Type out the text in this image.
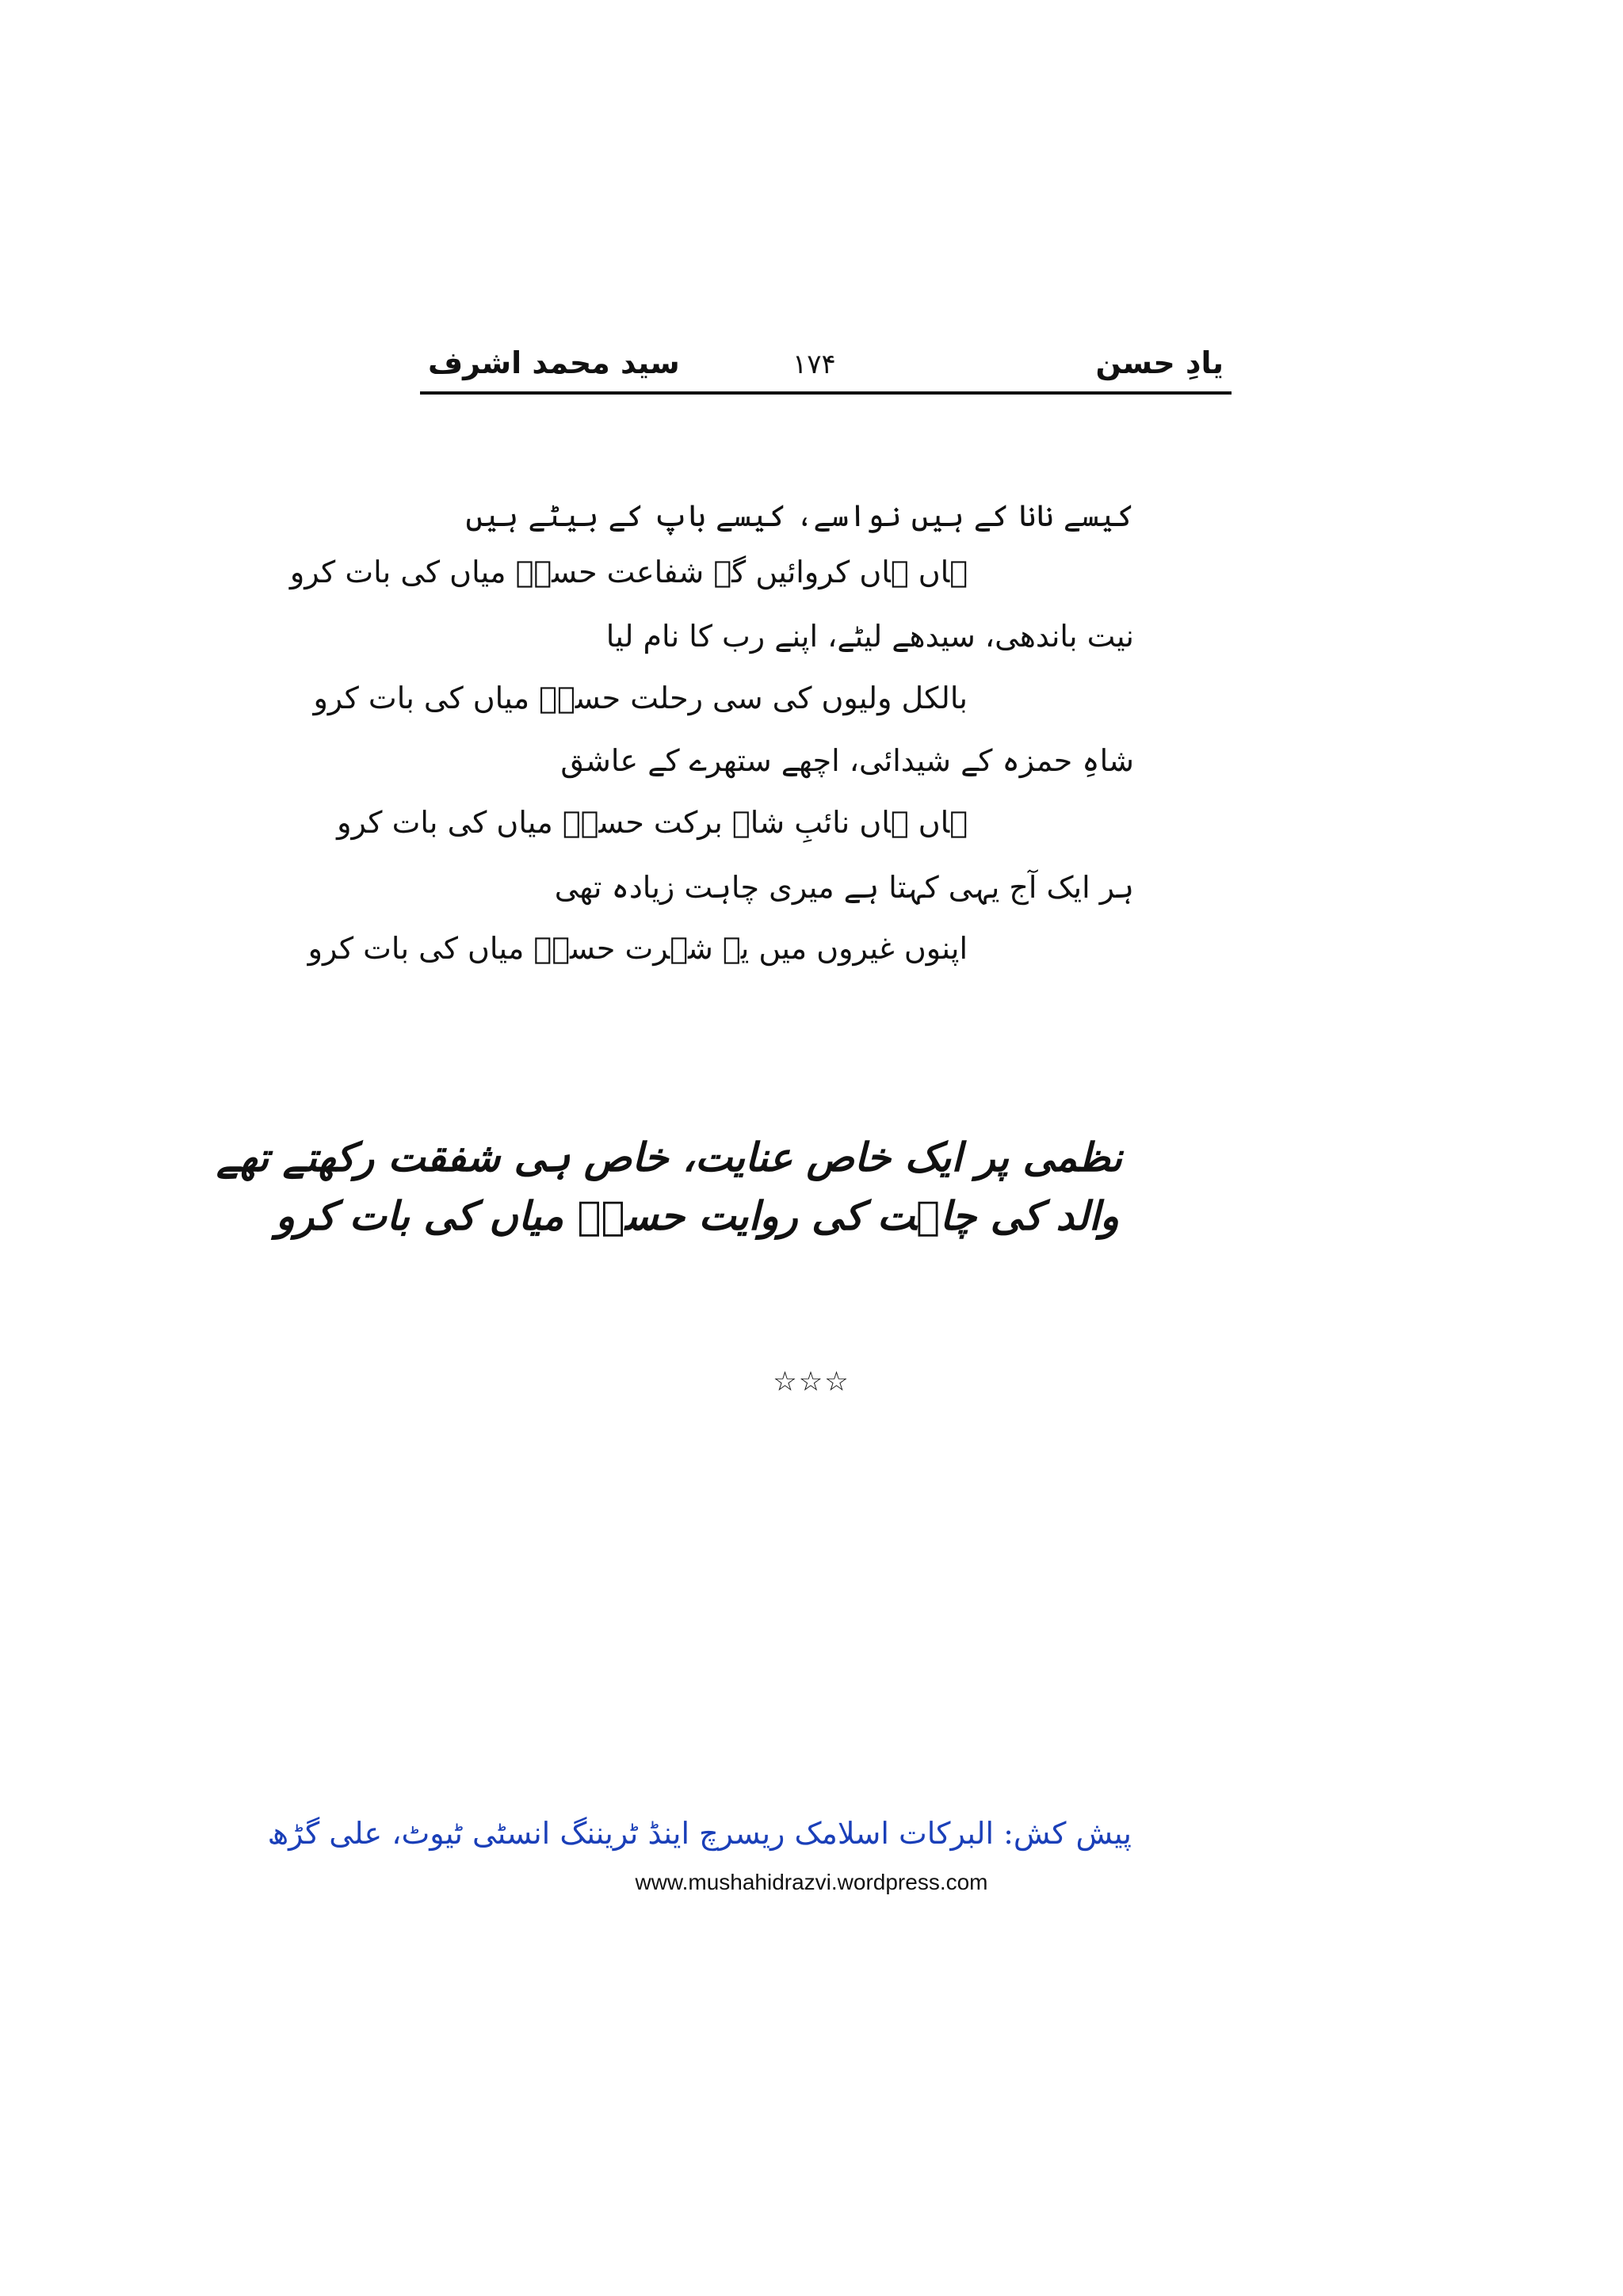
یادِ حسن
۱۷۴
سید محمد اشرف
کیسے نانا کے ہیں نواسے، کیسے باپ کے بیٹے ہیں
ہاں ہاں کروائیں گے شفاعت حسنؔ میاں کی بات کرو
نیت باندھی، سیدھے لیٹے، اپنے رب کا نام لیا
بالکل ولیوں کی سی رحلت حسنؔ میاں کی بات کرو
شاہِ حمزہ کے شیدائی، اچھے ستھرے کے عاشق
ہاں ہاں نائبِ شاہ برکت حسنؔ میاں کی بات کرو
ہر ایک آج یہی کہتا ہے میری چاہت زیادہ تھی
اپنوں غیروں میں یہ شہرت حسنؔ میاں کی بات کرو
نظمی پر ایک خاص عنایت، خاص ہی شفقت رکھتے تھے
والد کی چاہت کی روایت حسنؔ میاں کی بات کرو
☆☆☆
پیش کش: البرکات اسلامک ریسرچ اینڈ ٹریننگ انسٹی ٹیوٹ، علی گڑھ
www.mushahidrazvi.wordpress.com
